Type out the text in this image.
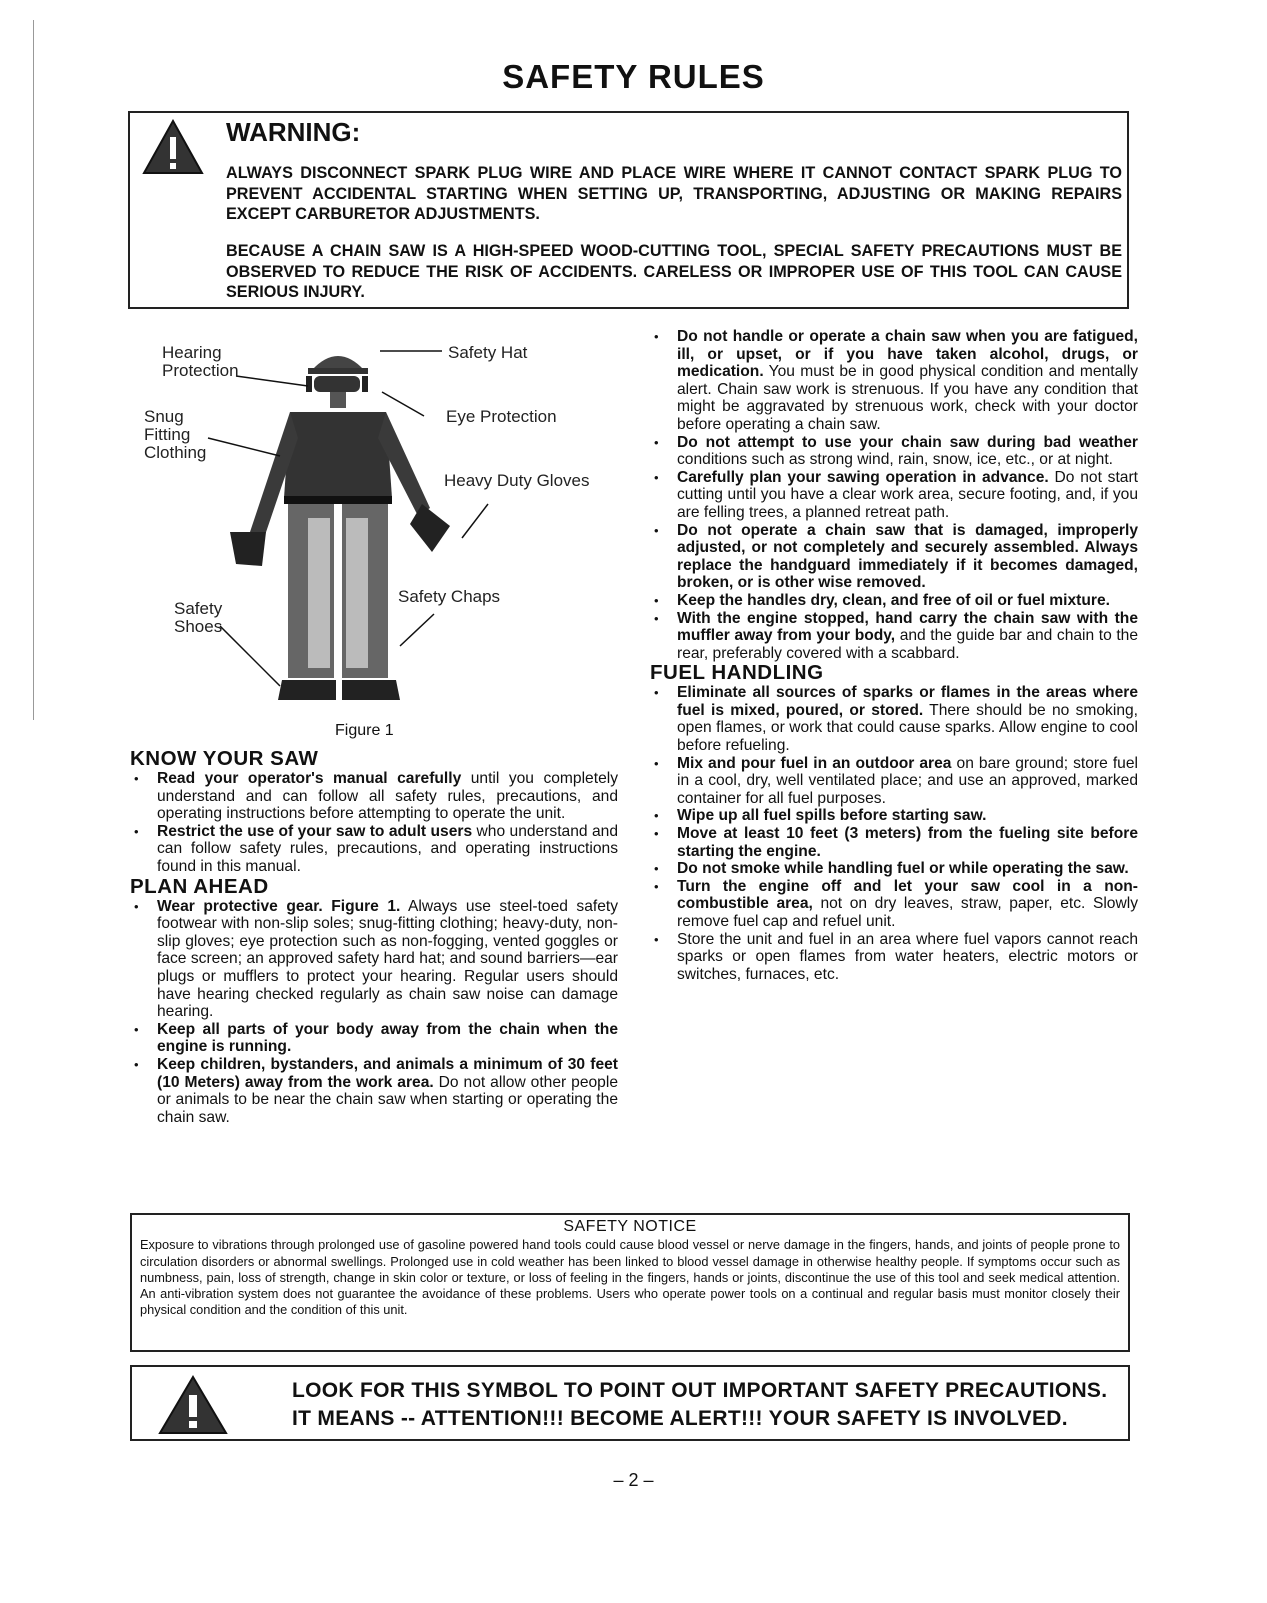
SAFETY RULES

WARNING:

ALWAYS DISCONNECT SPARK PLUG WIRE AND PLACE WIRE WHERE IT CANNOT CONTACT SPARK PLUG TO PREVENT ACCIDENTAL STARTING WHEN SETTING UP, TRANSPORTING, ADJUSTING OR MAKING REPAIRS EXCEPT CARBURETOR ADJUSTMENTS.

BECAUSE A CHAIN SAW IS A HIGH-SPEED WOOD-CUTTING TOOL, SPECIAL SAFETY PRECAUTIONS MUST BE OBSERVED TO REDUCE THE RISK OF ACCIDENTS. CARELESS OR IMPROPER USE OF THIS TOOL CAN CAUSE SERIOUS INJURY.

Hearing
Protection
Safety Hat
Snug
Fitting
Clothing
Eye Protection
Heavy Duty Gloves
Safety Chaps
Safety
Shoes
Figure 1
KNOW YOUR SAW
• Read your operator's manual carefully until you completely understand and can follow all safety rules, precautions, and operating instructions before attempting to operate the unit.
• Restrict the use of your saw to adult users who understand and can follow safety rules, precautions, and operating instructions found in this manual.
PLAN AHEAD
• Wear protective gear. Figure 1. Always use steel-toed safety footwear with non-slip soles; snug-fitting clothing; heavy-duty, non-slip gloves; eye protection such as non-fogging, vented goggles or face screen; an approved safety hard hat; and sound barriers—ear plugs or mufflers to protect your hearing. Regular users should have hearing checked regularly as chain saw noise can damage hearing.
• Keep all parts of your body away from the chain when the engine is running.
• Keep children, bystanders, and animals a minimum of 30 feet (10 Meters) away from the work area. Do not allow other people or animals to be near the chain saw when starting or operating the chain saw.
• Do not handle or operate a chain saw when you are fatigued, ill, or upset, or if you have taken alcohol, drugs, or medication. You must be in good physical condition and mentally alert. Chain saw work is strenuous. If you have any condition that might be aggravated by strenuous work, check with your doctor before operating a chain saw.
• Do not attempt to use your chain saw during bad weather conditions such as strong wind, rain, snow, ice, etc., or at night.
• Carefully plan your sawing operation in advance. Do not start cutting until you have a clear work area, secure footing, and, if you are felling trees, a planned retreat path.
• Do not operate a chain saw that is damaged, improperly adjusted, or not completely and securely assembled. Always replace the handguard immediately if it becomes damaged, broken, or is other wise removed.
• Keep the handles dry, clean, and free of oil or fuel mixture.
• With the engine stopped, hand carry the chain saw with the muffler away from your body, and the guide bar and chain to the rear, preferably covered with a scabbard.
FUEL HANDLING
• Eliminate all sources of sparks or flames in the areas where fuel is mixed, poured, or stored. There should be no smoking, open flames, or work that could cause sparks. Allow engine to cool before refueling.
• Mix and pour fuel in an outdoor area on bare ground; store fuel in a cool, dry, well ventilated place; and use an approved, marked container for all fuel purposes.
• Wipe up all fuel spills before starting saw.
• Move at least 10 feet (3 meters) from the fueling site before starting the engine.
• Do not smoke while handling fuel or while operating the saw.
• Turn the engine off and let your saw cool in a non-combustible area, not on dry leaves, straw, paper, etc. Slowly remove fuel cap and refuel unit.
• Store the unit and fuel in an area where fuel vapors cannot reach sparks or open flames from water heaters, electric motors or switches, furnaces, etc.

SAFETY NOTICE

Exposure to vibrations through prolonged use of gasoline powered hand tools could cause blood vessel or nerve damage in the fingers, hands, and joints of people prone to circulation disorders or abnormal swellings. Prolonged use in cold weather has been linked to blood vessel damage in otherwise healthy people. If symptoms occur such as numbness, pain, loss of strength, change in skin color or texture, or loss of feeling in the fingers, hands or joints, discontinue the use of this tool and seek medical attention. An anti-vibration system does not guarantee the avoidance of these problems. Users who operate power tools on a continual and regular basis must monitor closely their physical condition and the condition of this unit.

LOOK FOR THIS SYMBOL TO POINT OUT IMPORTANT SAFETY PRECAUTIONS.

IT MEANS -- ATTENTION!!! BECOME ALERT!!! YOUR SAFETY IS INVOLVED.

– 2 –
